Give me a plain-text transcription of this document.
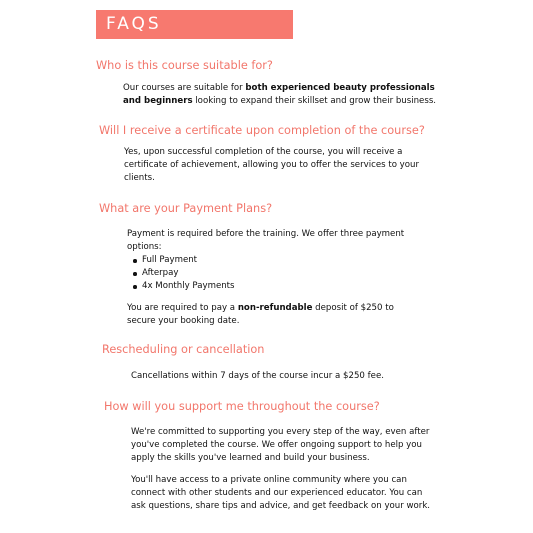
FAQS
Who is this course suitable for?

Our courses are suitable for both experienced beauty professionals and beginners looking to expand their skillset and grow their business.

Will I receive a certificate upon completion of the course?

Yes, upon successful completion of the course, you will receive a certificate of achievement, allowing you to offer the services to your clients.

What are your Payment Plans?

Payment is required before the training. We offer three payment options:

Full Payment
Afterpay
4x Monthly Payments

You are required to pay a non-refundable deposit of $250 to secure your booking date.

Rescheduling or cancellation

Cancellations within 7 days of the course incur a $250 fee.

How will you support me throughout the course?

We're committed to supporting you every step of the way, even after you've completed the course. We offer ongoing support to help you apply the skills you've learned and build your business.

You'll have access to a private online community where you can connect with other students and our experienced educator. You can ask questions, share tips and advice, and get feedback on your work.
